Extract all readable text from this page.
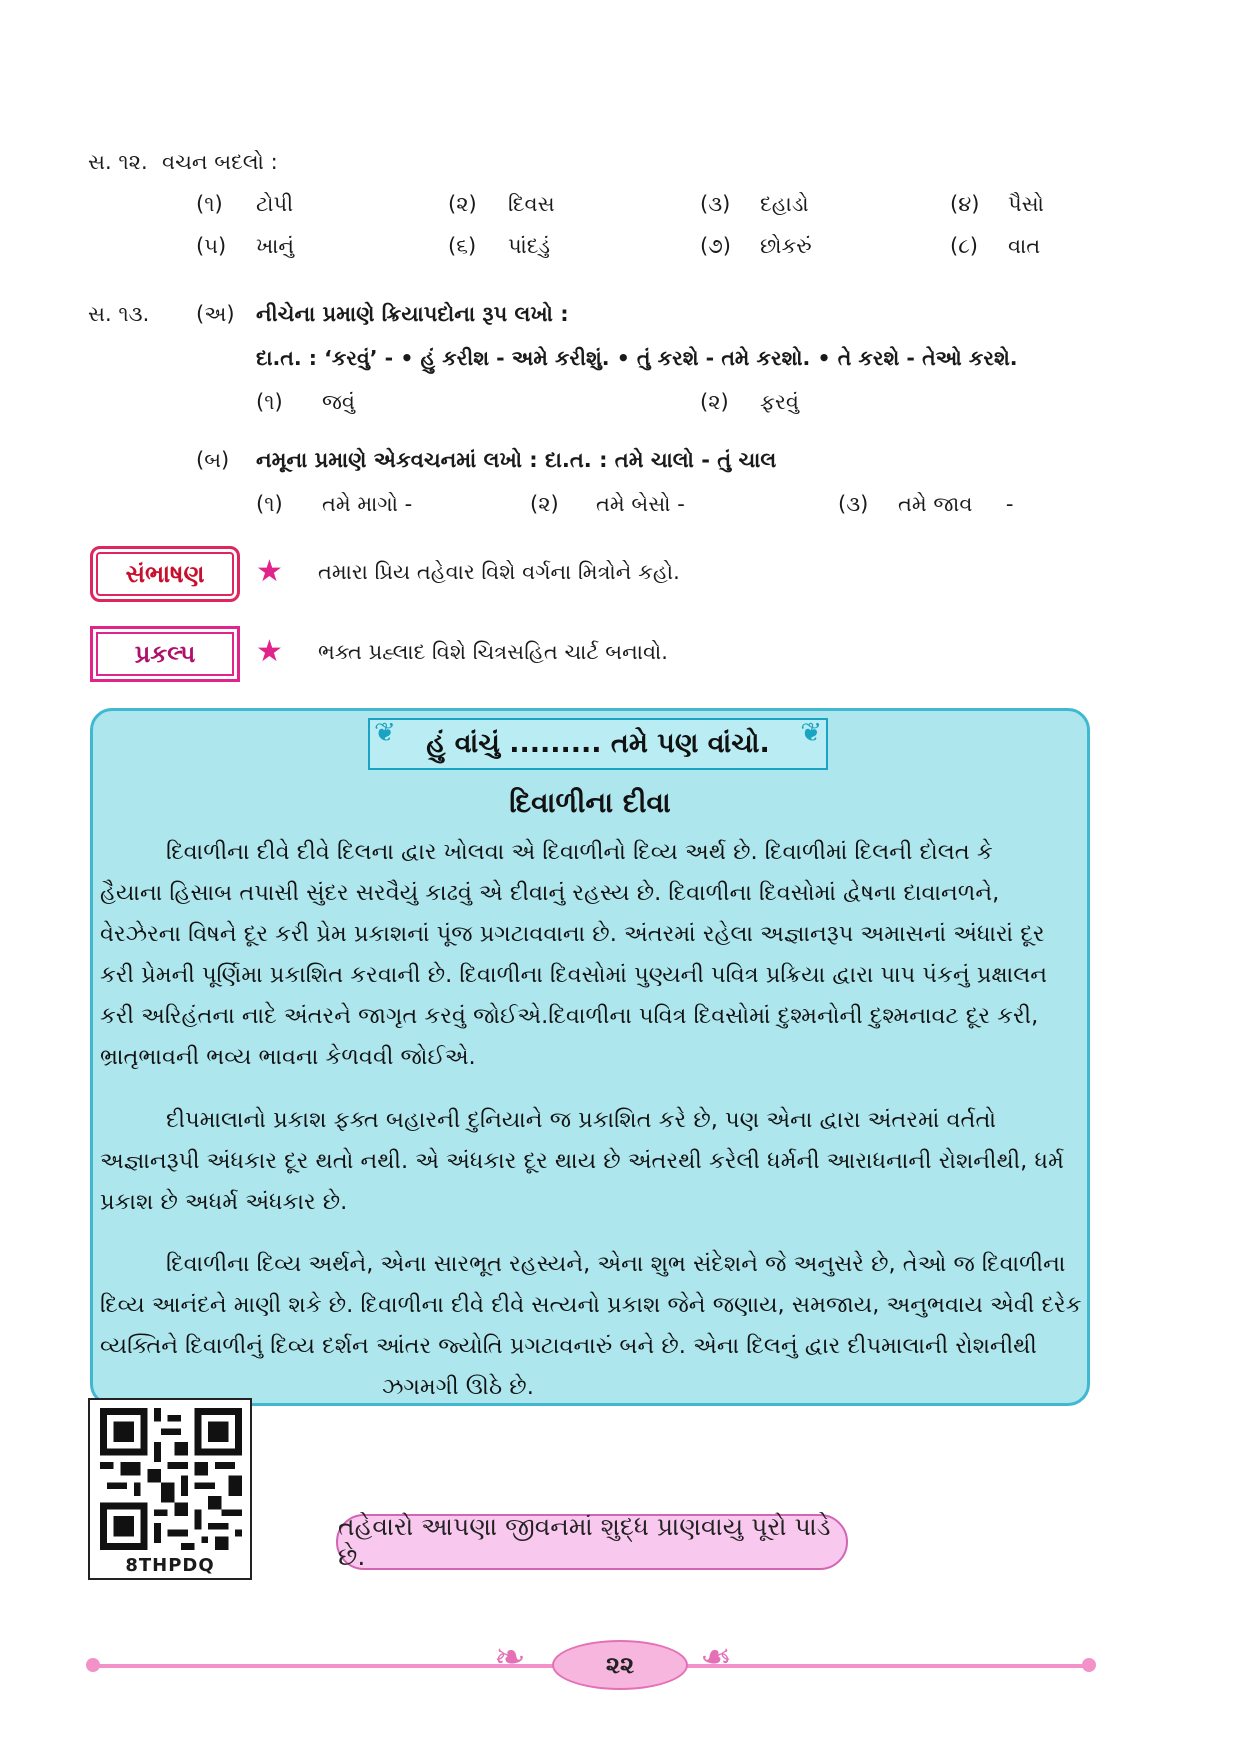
સ. ૧૨. વચન બદલો :
(૧) ટોપી	(૨) દિવસ	(૩) દહાડો	(૪) પૈસો
(૫) ખાનું	(૬) પાંદડું	(૭) છોકરું	(૮) વાત
સ. ૧૩. (અ) નીચેના પ્રમાણે ક્રિયાપદોના રૂપ લખો :
દા.ત. : ‘કરવું’ - • હું કરીશ - અમે કરીશું. • તું કરશે - તમે કરશો. • તે કરશે - તેઓ કરશે.
(૧) જવું	(૨) ફરવું
(બ) નમૂના પ્રમાણે એકવચનમાં લખો : દા.ત. : તમે ચાલો - તું ચાલ
(૧) તમે માગો -	(૨) તમે બેસો -	(૩) તમે જાવ     -
સંભાષણ	★ તમારા પ્રિય તહેવાર વિશે વર્ગના મિત્રોને કહો.
પ્રકલ્પ	★ ભક્ત પ્રહ્લાદ વિશે ચિત્રસહિત ચાર્ટ બનાવો.
❦ હું વાંચું ......... તમે પણ વાંચો. ❦
દિવાળીના દીવા
દિવાળીના દીવે દીવે દિલના દ્વાર ખોલવા એ દિવાળીનો દિવ્ય અર્થ છે. દિવાળીમાં દિલની દોલત કે
હૈયાના હિસાબ તપાસી સુંદર સરવૈયું કાઢવું એ દીવાનું રહસ્ય છે. દિવાળીના દિવસોમાં દ્વેષના દાવાનળને,
વેરઝેરના વિષને દૂર કરી પ્રેમ પ્રકાશનાં પૂંજ પ્રગટાવવાના છે. અંતરમાં રહેલા અજ્ઞાનરૂપ અમાસનાં અંધારાં દૂર
કરી પ્રેમની પૂર્ણિમા પ્રકાશિત કરવાની છે. દિવાળીના દિવસોમાં પુણ્યની પવિત્ર પ્રક્રિયા દ્વારા પાપ પંકનું પ્રક્ષાલન
કરી અરિહંતના નાદે અંતરને જાગૃત કરવું જોઈએ.દિવાળીના પવિત્ર દિવસોમાં દુશ્મનોની દુશ્મનાવટ દૂર કરી,
ભ્રાતૃભાવની ભવ્ય ભાવના કેળવવી જોઈએ.
દીપમાલાનો પ્રકાશ ફક્ત બહારની દુનિયાને જ પ્રકાશિત કરે છે, પણ એના દ્વારા અંતરમાં વર્તતો
અજ્ઞાનરૂપી અંધકાર દૂર થતો નથી. એ અંધકાર દૂર થાય છે અંતરથી કરેલી ધર્મની આરાધનાની રોશનીથી, ધર્મ
પ્રકાશ છે અધર્મ અંધકાર છે.
દિવાળીના દિવ્ય અર્થને, એના સારભૂત રહસ્યને, એના શુભ સંદેશને જે અનુસરે છે, તેઓ જ દિવાળીના
દિવ્ય આનંદને માણી શકે છે. દિવાળીના દીવે દીવે સત્યનો પ્રકાશ જેને જણાય, સમજાય, અનુભવાય એવી દરેક
વ્યક્તિને દિવાળીનું દિવ્ય દર્શન આંતર જ્યોતિ પ્રગટાવનારું બને છે. એના દિલનું દ્વાર દીપમાલાની રોશનીથી
ઝગમગી ઊઠે છે.
8THPDQ
તહેવારો આપણા જીવનમાં શુદ્ધ પ્રાણવાયુ પૂરો પાડે છે.
❧	❧
૨૨
